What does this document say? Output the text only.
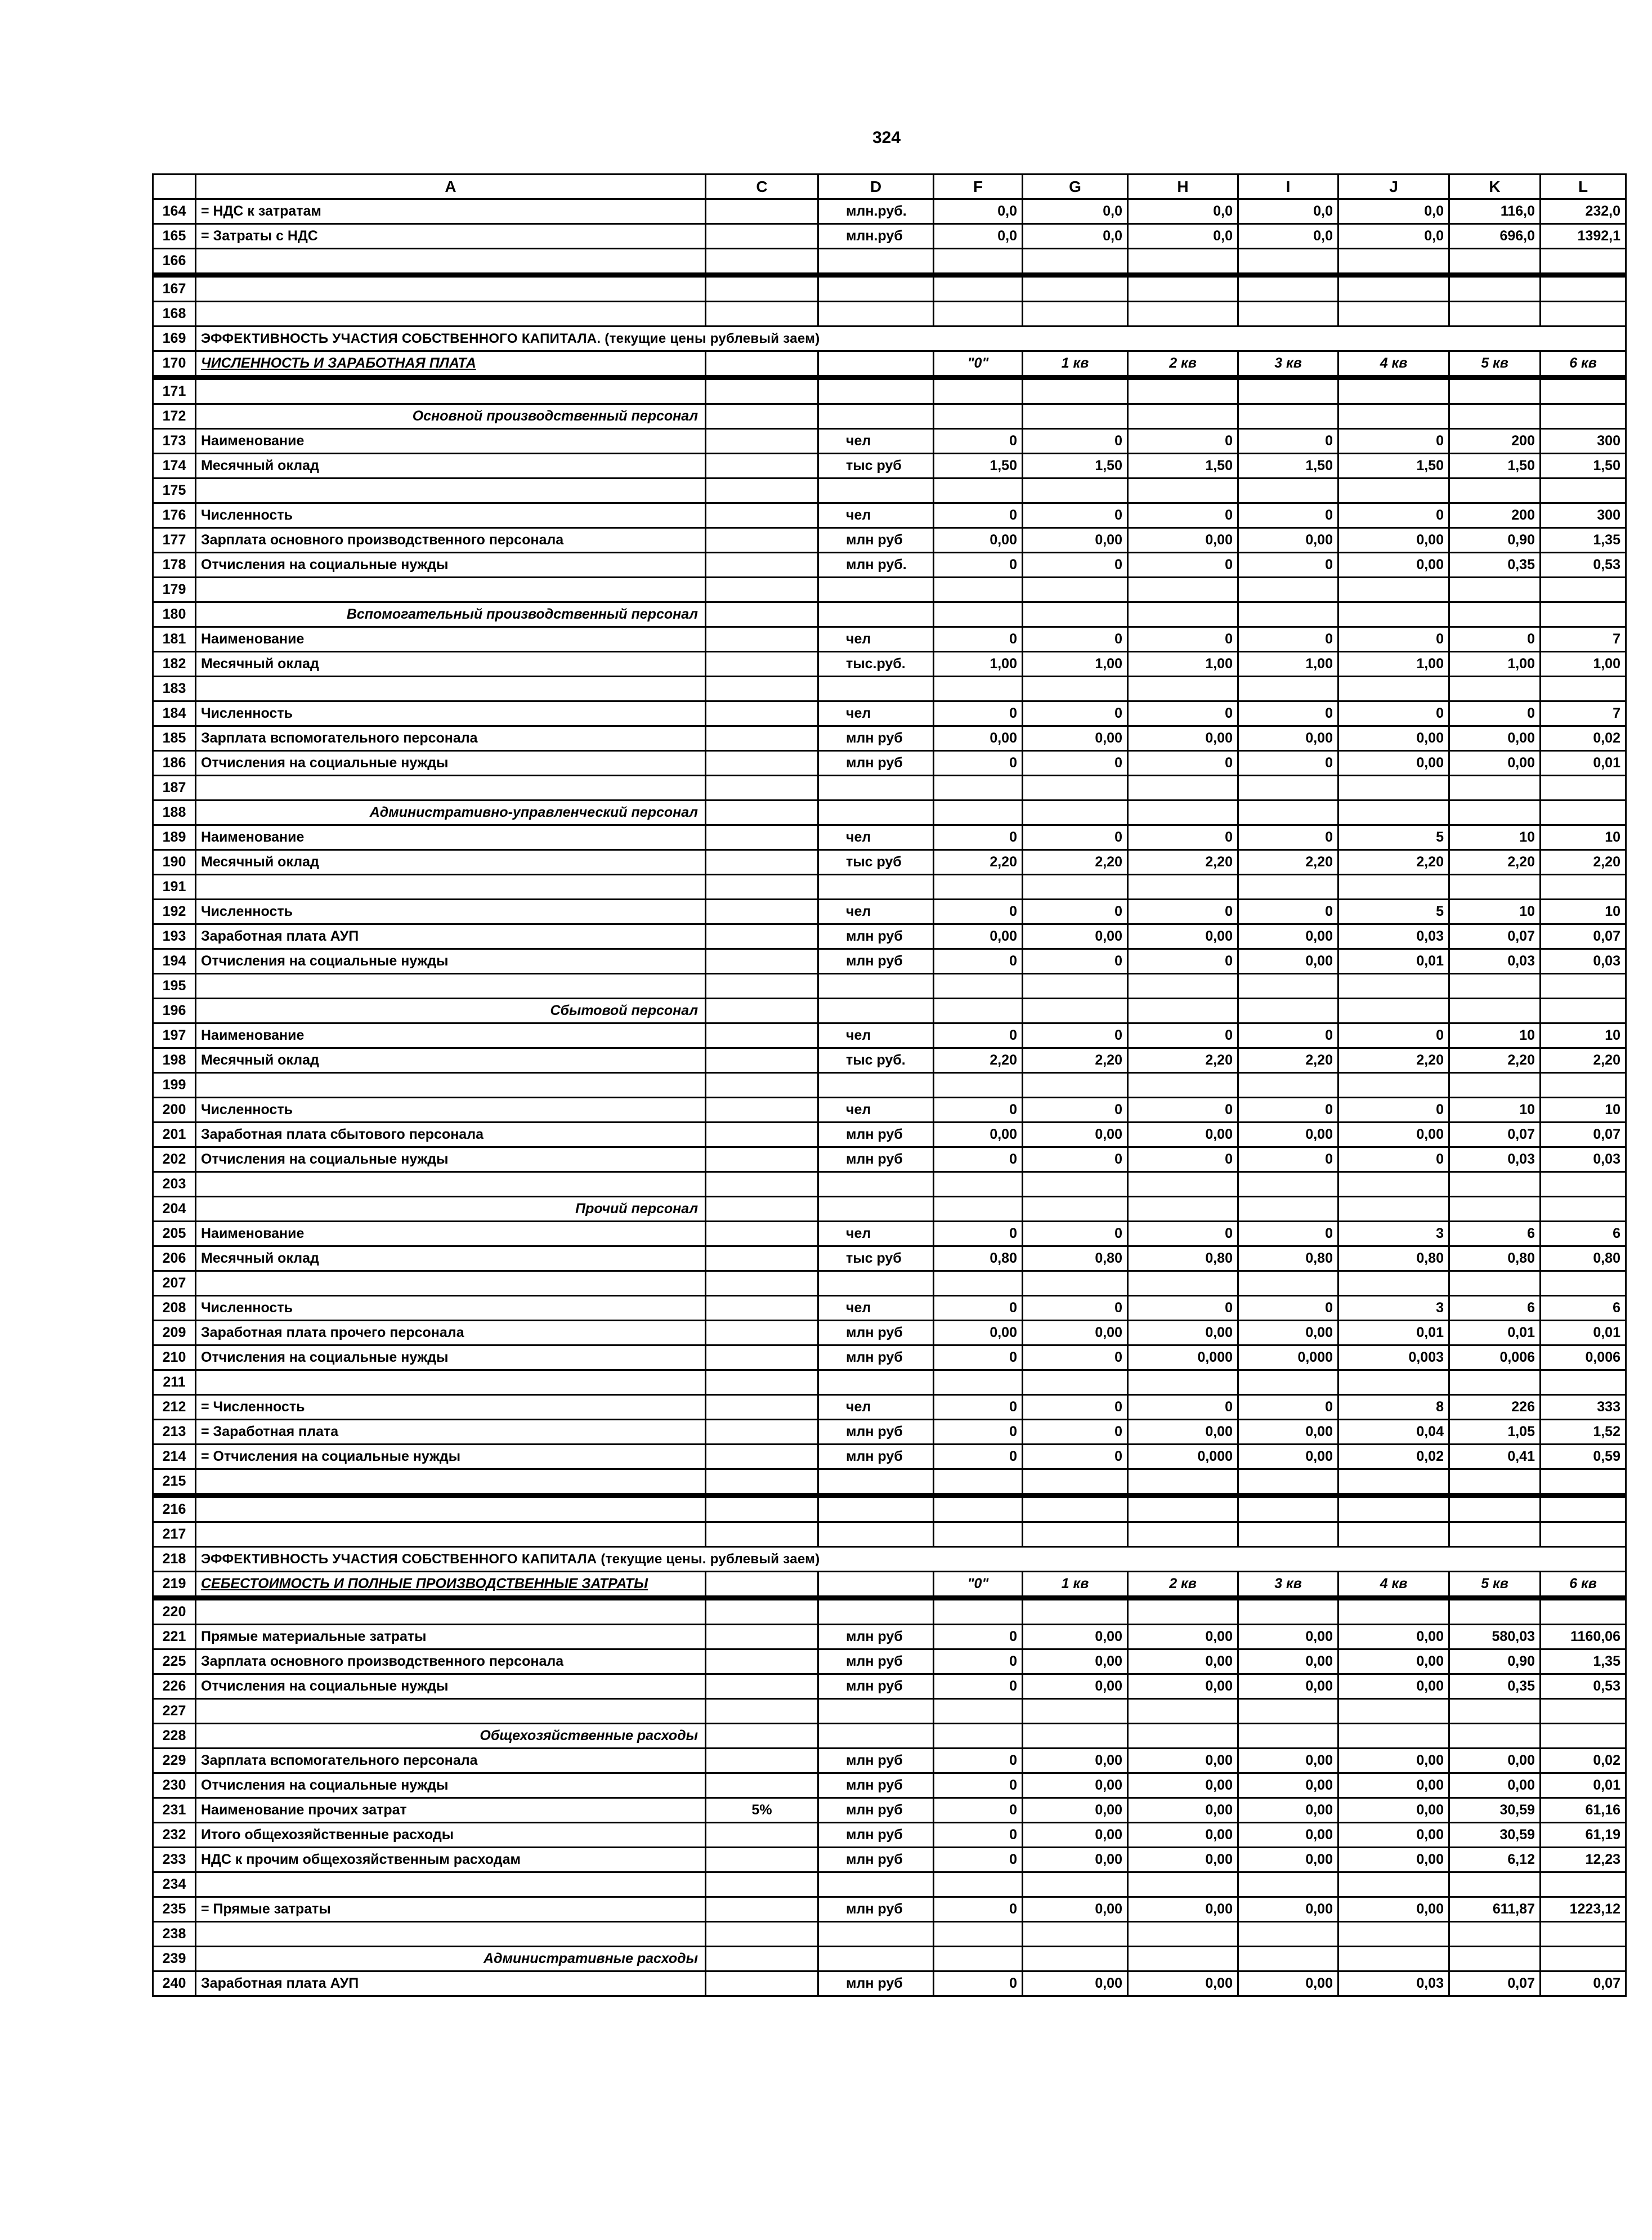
324
	A	C	D	F	G	H	I	J	K	L
164	= НДС к затратам		млн.руб.	0,0	0,0	0,0	0,0	0,0	116,0	232,0
165	= Затраты с НДС		млн.руб	0,0	0,0	0,0	0,0	0,0	696,0	1392,1
166										
167										
168										
169	ЭФФЕКТИВНОСТЬ УЧАСТИЯ СОБСТВЕННОГО КАПИТАЛА. (текущие цены рублевый заем)									
170	ЧИСЛЕННОСТЬ И ЗАРАБОТНАЯ ПЛАТА			"0"	1 кв	2 кв	3 кв	4 кв	5 кв	6 кв
171										
172	Основной производственный персонал									
173	Наименование		чел	0	0	0	0	0	200	300
174	Месячный оклад		тыс руб	1,50	1,50	1,50	1,50	1,50	1,50	1,50
175										
176	Численность		чел	0	0	0	0	0	200	300
177	Зарплата основного производственного персонала		млн руб	0,00	0,00	0,00	0,00	0,00	0,90	1,35
178	Отчисления на социальные нужды		млн руб.	0	0	0	0	0,00	0,35	0,53
179										
180	Вспомогательный производственный персонал									
181	Наименование		чел	0	0	0	0	0	0	7
182	Месячный оклад		тыс.руб.	1,00	1,00	1,00	1,00	1,00	1,00	1,00
183										
184	Численность		чел	0	0	0	0	0	0	7
185	Зарплата вспомогательного персонала		млн руб	0,00	0,00	0,00	0,00	0,00	0,00	0,02
186	Отчисления на социальные нужды		млн руб	0	0	0	0	0,00	0,00	0,01
187										
188	Административно-управленческий персонал									
189	Наименование		чел	0	0	0	0	5	10	10
190	Месячный оклад		тыс руб	2,20	2,20	2,20	2,20	2,20	2,20	2,20
191										
192	Численность		чел	0	0	0	0	5	10	10
193	Заработная плата АУП		млн руб	0,00	0,00	0,00	0,00	0,03	0,07	0,07
194	Отчисления на социальные нужды		млн руб	0	0	0	0,00	0,01	0,03	0,03
195										
196	Сбытовой персонал									
197	Наименование		чел	0	0	0	0	0	10	10
198	Месячный оклад		тыс руб.	2,20	2,20	2,20	2,20	2,20	2,20	2,20
199										
200	Численность		чел	0	0	0	0	0	10	10
201	Заработная плата сбытового персонала		млн руб	0,00	0,00	0,00	0,00	0,00	0,07	0,07
202	Отчисления на социальные нужды		млн руб	0	0	0	0	0	0,03	0,03
203										
204	Прочий персонал									
205	Наименование		чел	0	0	0	0	3	6	6
206	Месячный оклад		тыс руб	0,80	0,80	0,80	0,80	0,80	0,80	0,80
207										
208	Численность		чел	0	0	0	0	3	6	6
209	Заработная плата прочего персонала		млн руб	0,00	0,00	0,00	0,00	0,01	0,01	0,01
210	Отчисления на социальные нужды		млн руб	0	0	0,000	0,000	0,003	0,006	0,006
211										
212	= Численность		чел	0	0	0	0	8	226	333
213	= Заработная плата		млн руб	0	0	0,00	0,00	0,04	1,05	1,52
214	= Отчисления на социальные нужды		млн руб	0	0	0,000	0,00	0,02	0,41	0,59
215										
216										
217										
218	ЭФФЕКТИВНОСТЬ УЧАСТИЯ СОБСТВЕННОГО КАПИТАЛА (текущие цены. рублевый заем)									
219	СЕБЕСТОИМОСТЬ И ПОЛНЫЕ ПРОИЗВОДСТВЕННЫЕ ЗАТРАТЫ			"0"	1 кв	2 кв	3 кв	4 кв	5 кв	6 кв
220										
221	Прямые материальные затраты		млн руб	0	0,00	0,00	0,00	0,00	580,03	1160,06
225	Зарплата основного производственного персонала		млн руб	0	0,00	0,00	0,00	0,00	0,90	1,35
226	Отчисления на социальные нужды		млн руб	0	0,00	0,00	0,00	0,00	0,35	0,53
227										
228	Общехозяйственные расходы									
229	Зарплата вспомогательного персонала		млн руб	0	0,00	0,00	0,00	0,00	0,00	0,02
230	Отчисления на социальные нужды		млн руб	0	0,00	0,00	0,00	0,00	0,00	0,01
231	Наименование прочих затрат	5%	млн руб	0	0,00	0,00	0,00	0,00	30,59	61,16
232	Итого общехозяйственные расходы		млн руб	0	0,00	0,00	0,00	0,00	30,59	61,19
233	НДС к прочим общехозяйственным расходам		млн руб	0	0,00	0,00	0,00	0,00	6,12	12,23
234										
235	= Прямые затраты		млн руб	0	0,00	0,00	0,00	0,00	611,87	1223,12
238										
239	Административные расходы									
240	Заработная плата АУП		млн руб	0	0,00	0,00	0,00	0,03	0,07	0,07
